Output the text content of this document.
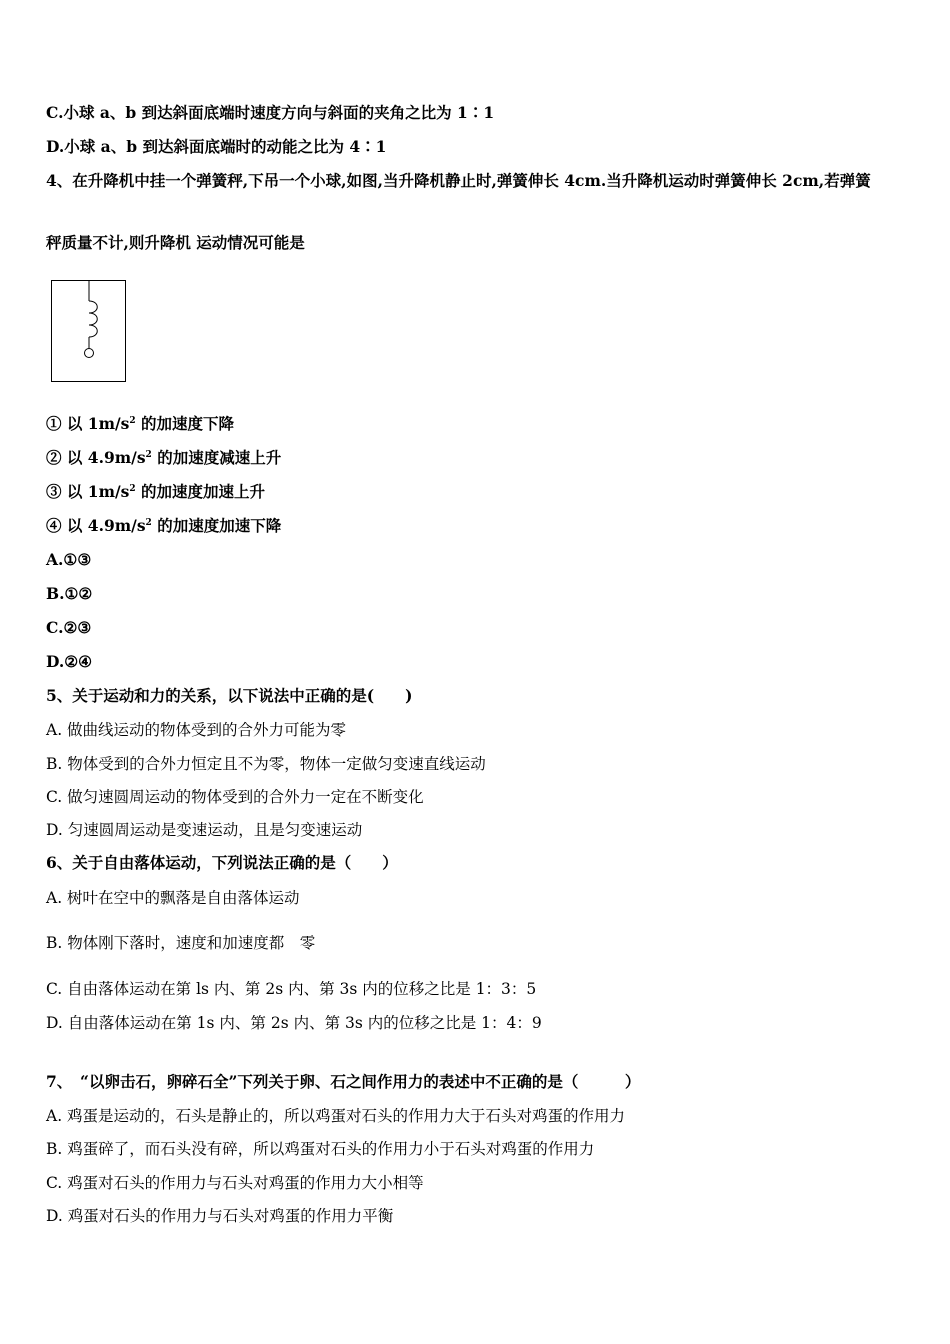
C.小球 a、b 到达斜面底端时速度方向与斜面的夹角之比为 1∶1
D.小球 a、b 到达斜面底端时的动能之比为 4∶1
4、在升降机中挂一个弹簧秤,下吊一个小球,如图,当升降机静止时,弹簧伸长 4cm.当升降机运动时弹簧伸长 2cm,若弹簧
秤质量不计,则升降机 运动情况可能是
① 以 $1m/s^2$ 的加速度下降
② 以 $4.9m/s^2$ 的加速度减速上升
③ 以 $1m/s^2$ 的加速度加速上升
④ 以 $4.9m/s^2$ 的加速度加速下降
A.①③
B.①②
C.②③
D.②④
5、关于运动和力的关系，以下说法中正确的是(　　)
A. 做曲线运动的物体受到的合外力可能为零
B. 物体受到的合外力恒定且不为零，物体一定做匀变速直线运动
C. 做匀速圆周运动的物体受到的合外力一定在不断变化
D. 匀速圆周运动是变速运动，且是匀变速运动
6、关于自由落体运动，下列说法正确的是（　　）
A. 树叶在空中的飘落是自由落体运动
B. 物体刚下落时，速度和加速度都　零
C. 自由落体运动在第 ls 内、第 2s 内、第 3s 内的位移之比是 1：3：5
D. 自由落体运动在第 1s 内、第 2s 内、第 3s 内的位移之比是 1：4：9
7、　“以卵击石，卵碎石全”下列关于卵、石之间作用力的表述中不正确的是（　　　）
A. 鸡蛋是运动的，石头是静止的，所以鸡蛋对石头的作用力大于石头对鸡蛋的作用力
B. 鸡蛋碎了，而石头没有碎，所以鸡蛋对石头的作用力小于石头对鸡蛋的作用力
C. 鸡蛋对石头的作用力与石头对鸡蛋的作用力大小相等
D. 鸡蛋对石头的作用力与石头对鸡蛋的作用力平衡
